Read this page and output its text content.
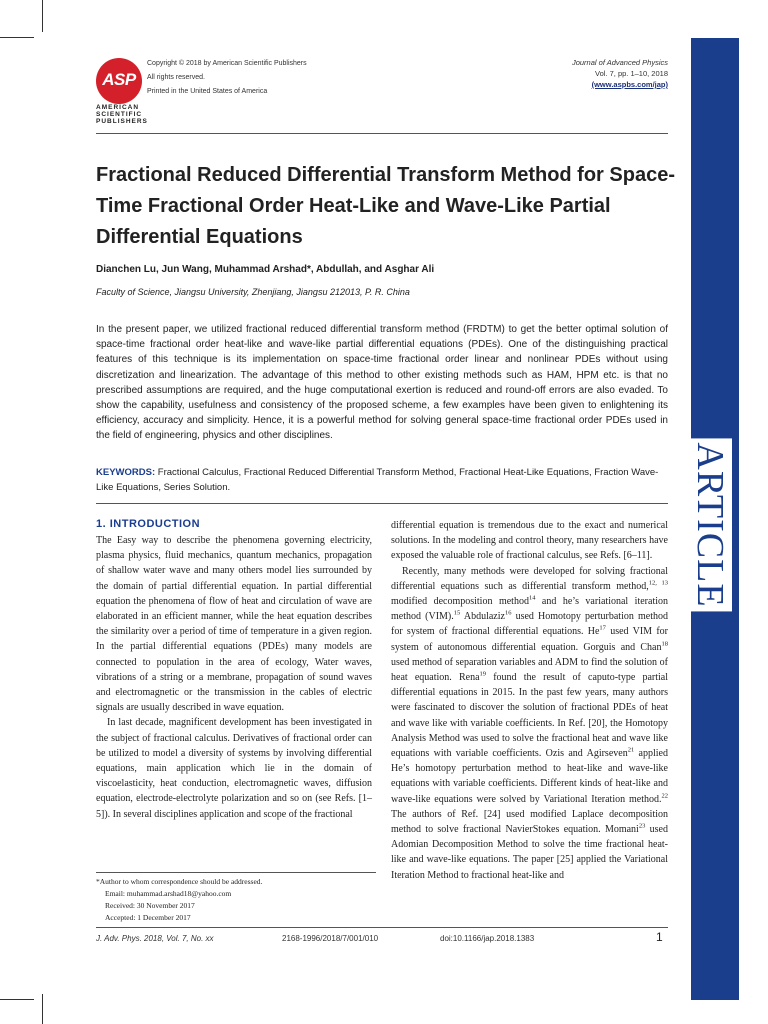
ARTICLE
ASP
AMERICAN
SCIENTIFIC
PUBLISHERS
Copyright © 2018 by American Scientific Publishers
All rights reserved.
Printed in the United States of America
Journal of Advanced Physics
Vol. 7, pp. 1–10, 2018
(www.aspbs.com/jap)
Fractional Reduced Differential Transform Method for Space-Time Fractional Order Heat-Like and Wave-Like Partial Differential Equations
Dianchen Lu, Jun Wang, Muhammad Arshad*, Abdullah, and Asghar Ali
Faculty of Science, Jiangsu University, Zhenjiang, Jiangsu 212013, P. R. China

In the present paper, we utilized fractional reduced differential transform method (FRDTM) to get the better optimal solution of space-time fractional order heat-like and wave-like partial differential equations (PDEs). One of the distinguishing practical features of this technique is its implementation on space-time fractional order linear and nonlinear PDEs without using discretization and linearization. The advantage of this method to other existing methods such as HAM, HPM etc. is that no prescribed assumptions are required, and the huge computational exertion is reduced and round-off errors are also evaded. To show the capability, usefulness and consistency of the proposed scheme, a few examples have been given to enlightening its efficiency, accuracy and simplicity. Hence, it is a powerful method for solving general space-time fractional order PDEs used in the field of engineering, physics and other disciplines.

KEYWORDS: Fractional Calculus, Fractional Reduced Differential Transform Method, Fractional Heat-Like Equations, Fraction Wave-Like Equations, Series Solution.

1. INTRODUCTION

The Easy way to describe the phenomena governing electricity, plasma physics, fluid mechanics, quantum mechanics, propagation of shallow water wave and many others model lies surrounded by the domain of partial differential equation. In partial differential equation the phenomena of flow of heat and circulation of wave are elaborated in an efficient manner, while the heat equation describes the similarity over a period of time of temperature in a given region. In the partial differential equations (PDEs) many models are connected to population in the area of ecology, Water waves, vibrations of a string or a membrane, propagation of sound waves and electromagnetic or the transmission in the cables of electric signals are usually described in wave equation.

In last decade, magnificent development has been investigated in the subject of fractional calculus. Derivatives of fractional order can be utilized to model a diversity of systems by involving differential equations, main application which lie in the domain of viscoelasticity, heat conduction, electromagnetic waves, diffusion equation, electrode-electrolyte polarization and so on (see Refs. [1–5]). In several disciplines application and scope of the fractional

differential equation is tremendous due to the exact and numerical solutions. In the modeling and control theory, many researchers have exposed the valuable role of fractional calculus, see Refs. [6–11].

Recently, many methods were developed for solving fractional differential equations such as differential transform method,$^{12, 13}$ modified decomposition method$^{14}$ and he’s variational iteration method (VIM).$^{15}$ Abdulaziz$^{16}$ used Homotopy perturbation method for system of fractional differential equations. He$^{17}$ used VIM for system of autonomous differential equation. Gorguis and Chan$^{18}$ used method of separation variables and ADM to find the solution of heat equation. Rena$^{19}$ found the result of caputo-type partial differential equations in 2015. In the past few years, many authors were fascinated to discover the solution of fractional PDEs of heat and wave like with variable coefficients. In Ref. [20], the Homotopy Analysis Method was used to solve the fractional heat and wave like equations with variable coefficients. Ozis and Agirseven$^{21}$ applied He’s homotopy perturbation method to heat-like and wave-like equations with variable coefficients. Different kinds of heat-like and wave-like equations were solved by Variational Iteration method.$^{22}$ The authors of Ref. [24] used modified Laplace decomposition method to solve fractional NavierStokes equation. Momani$^{23}$ used Adomian Decomposition Method to solve the time fractional heat-like and wave-like equations. The paper [25] applied the Variational Iteration Method to fractional heat-like and

*Author to whom correspondence should be addressed.
Email: muhammad.arshad18@yahoo.com
Received: 30 November 2017
Accepted: 1 December 2017
J. Adv. Phys. 2018, Vol. 7, No. xx	2168-1996/2018/7/001/010	doi:10.1166/jap.2018.1383	1
